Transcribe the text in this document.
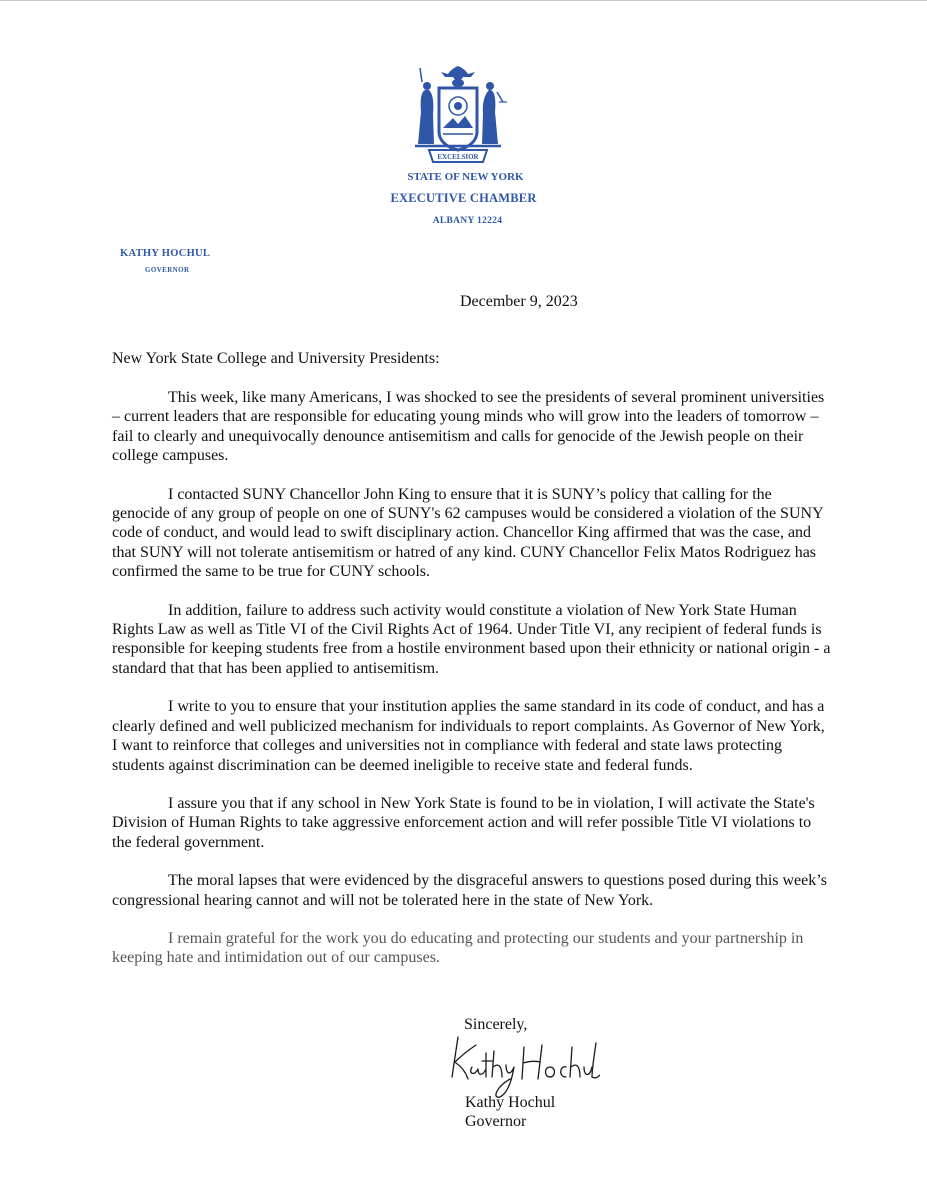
EXCELSIOR
STATE OF NEW YORK
EXECUTIVE CHAMBER
ALBANY 12224
KATHY HOCHUL
GOVERNOR
December 9, 2023
New York State College and University Presidents:

This week, like many Americans, I was shocked to see the presidents of several prominent universities – current leaders that are responsible for educating young minds who will grow into the leaders of tomorrow – fail to clearly and unequivocally denounce antisemitism and calls for genocide of the Jewish people on their college campuses.

I contacted SUNY Chancellor John King to ensure that it is SUNY’s policy that calling for the genocide of any group of people on one of SUNY's 62 campuses would be considered a violation of the SUNY code of conduct, and would lead to swift disciplinary action. Chancellor King affirmed that was the case, and that SUNY will not tolerate antisemitism or hatred of any kind. CUNY Chancellor Felix Matos Rodriguez has confirmed the same to be true for CUNY schools.

In addition, failure to address such activity would constitute a violation of New York State Human Rights Law as well as Title VI of the Civil Rights Act of 1964. Under Title VI, any recipient of federal funds is responsible for keeping students free from a hostile environment based upon their ethnicity or national origin - a standard that that has been applied to antisemitism.

I write to you to ensure that your institution applies the same standard in its code of conduct, and has a clearly defined and well publicized mechanism for individuals to report complaints. As Governor of New York, I want to reinforce that colleges and universities not in compliance with federal and state laws protecting students against discrimination can be deemed ineligible to receive state and federal funds.

I assure you that if any school in New York State is found to be in violation, I will activate the State's Division of Human Rights to take aggressive enforcement action and will refer possible Title VI violations to the federal government.

The moral lapses that were evidenced by the disgraceful answers to questions posed during this week’s congressional hearing cannot and will not be tolerated here in the state of New York.

I remain grateful for the work you do educating and protecting our students and your partnership in keeping hate and intimidation out of our campuses.

Sincerely,
Kathy Hochul
Governor
